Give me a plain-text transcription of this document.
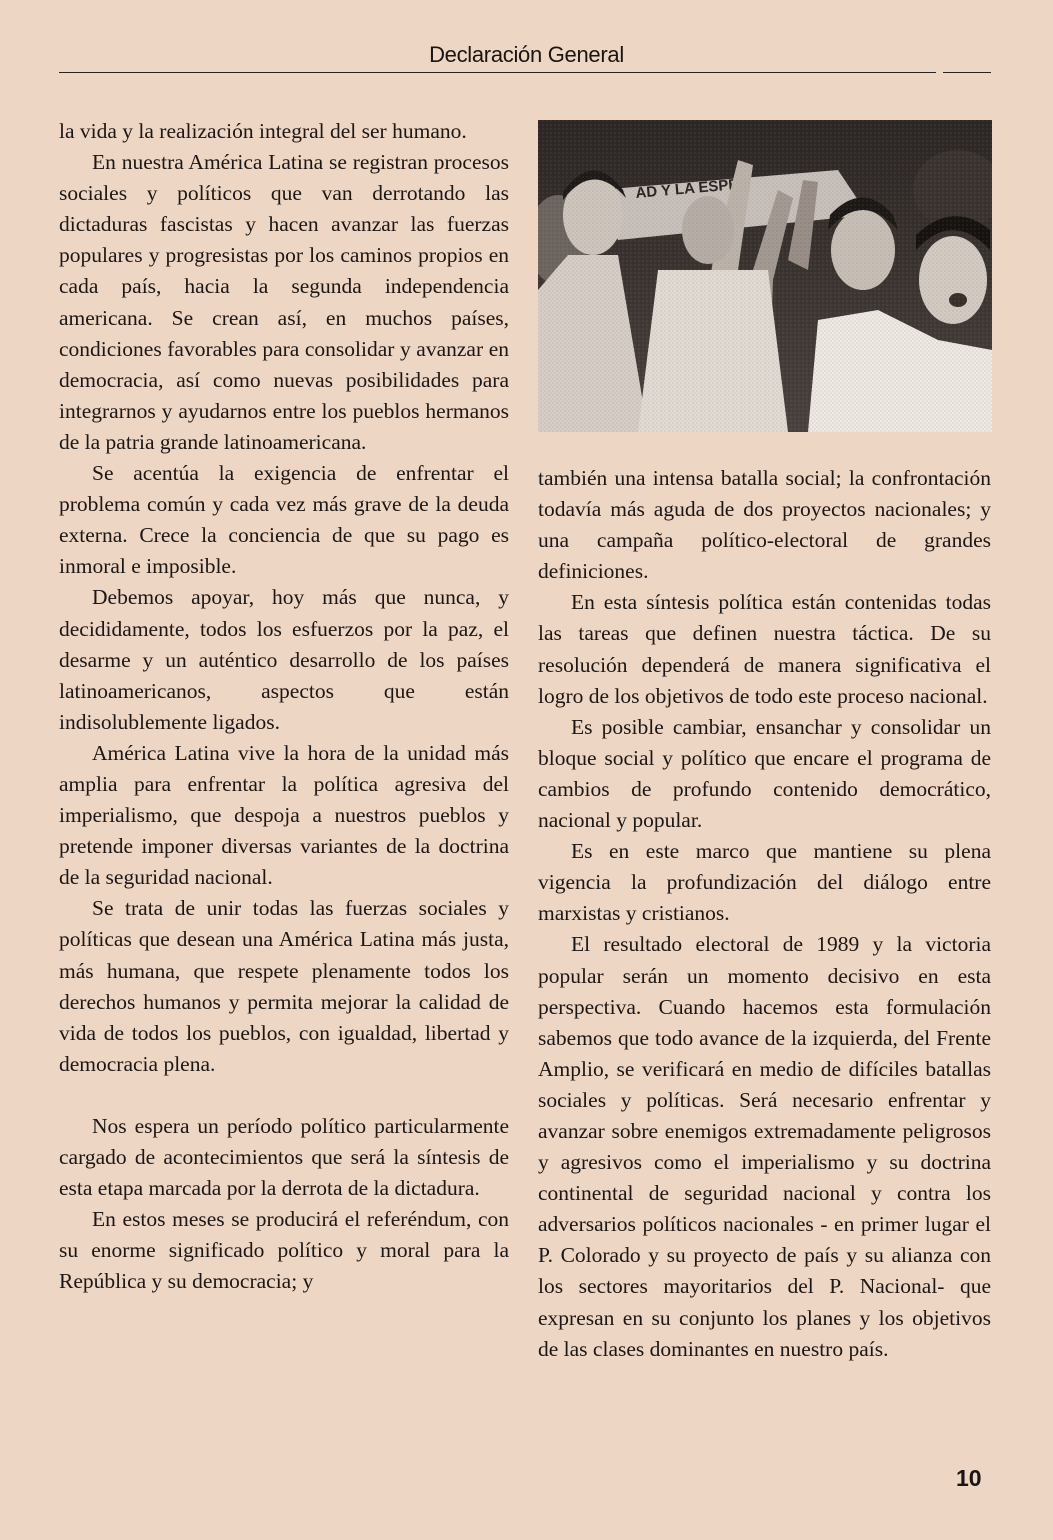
Declaración General

la vida y la realización integral del ser humano.

En nuestra América Latina se registran procesos sociales y políticos que van derrotando las dictaduras fascistas y hacen avanzar las fuerzas populares y progresistas por los caminos propios en cada país, hacia la segunda independencia americana. Se crean así, en muchos países, condiciones favorables para consolidar y avanzar en democracia, así como nuevas posibilidades para integrarnos y ayudarnos entre los pueblos hermanos de la patria grande latinoamericana.

Se acentúa la exigencia de enfrentar el problema común y cada vez más grave de la deuda externa. Crece la conciencia de que su pago es inmoral e imposible.

Debemos apoyar, hoy más que nunca, y decididamente, todos los esfuerzos por la paz, el desarme y un auténtico desarrollo de los países latinoamericanos, aspectos que están indisolublemente ligados.

América Latina vive la hora de la unidad más amplia para enfrentar la política agresiva del imperialismo, que despoja a nuestros pueblos y pretende imponer diversas variantes de la doctrina de la seguridad nacional.

Se trata de unir todas las fuerzas sociales y políticas que desean una América Latina más justa, más humana, que respete plenamente todos los derechos humanos y permita mejorar la calidad de vida de todos los pueblos, con igualdad, libertad y democracia plena.

Nos espera un período político particularmente cargado de acontecimientos que será la síntesis de esta etapa marcada por la derrota de la dictadura.

En estos meses se producirá el referéndum, con su enorme significado político y moral para la República y su democracia; y

también una intensa batalla social; la confrontación todavía más aguda de dos proyectos nacionales; y una campaña político-electoral de grandes definiciones.

En esta síntesis política están contenidas todas las tareas que definen nuestra táctica. De su resolución dependerá de manera significativa el logro de los objetivos de todo este proceso nacional.

Es posible cambiar, ensanchar y consolidar un bloque social y político que encare el programa de cambios de profundo contenido democrático, nacional y popular.

Es en este marco que mantiene su plena vigencia la profundización del diálogo entre marxistas y cristianos.

El resultado electoral de 1989 y la victoria popular serán un momento decisivo en esta perspectiva. Cuando hacemos esta formulación sabemos que todo avance de la izquierda, del Frente Amplio, se verificará en medio de difíciles batallas sociales y políticas. Será necesario enfrentar y avanzar sobre enemigos extremadamente peligrosos y agresivos como el imperialismo y su doctrina continental de seguridad nacional y contra los adversarios políticos nacionales - en primer lugar el P. Colorado y su proyecto de país y su alianza con los sectores mayoritarios del P. Nacional- que expresan en su conjunto los planes y los objetivos de las clases dominantes en nuestro país.

10
